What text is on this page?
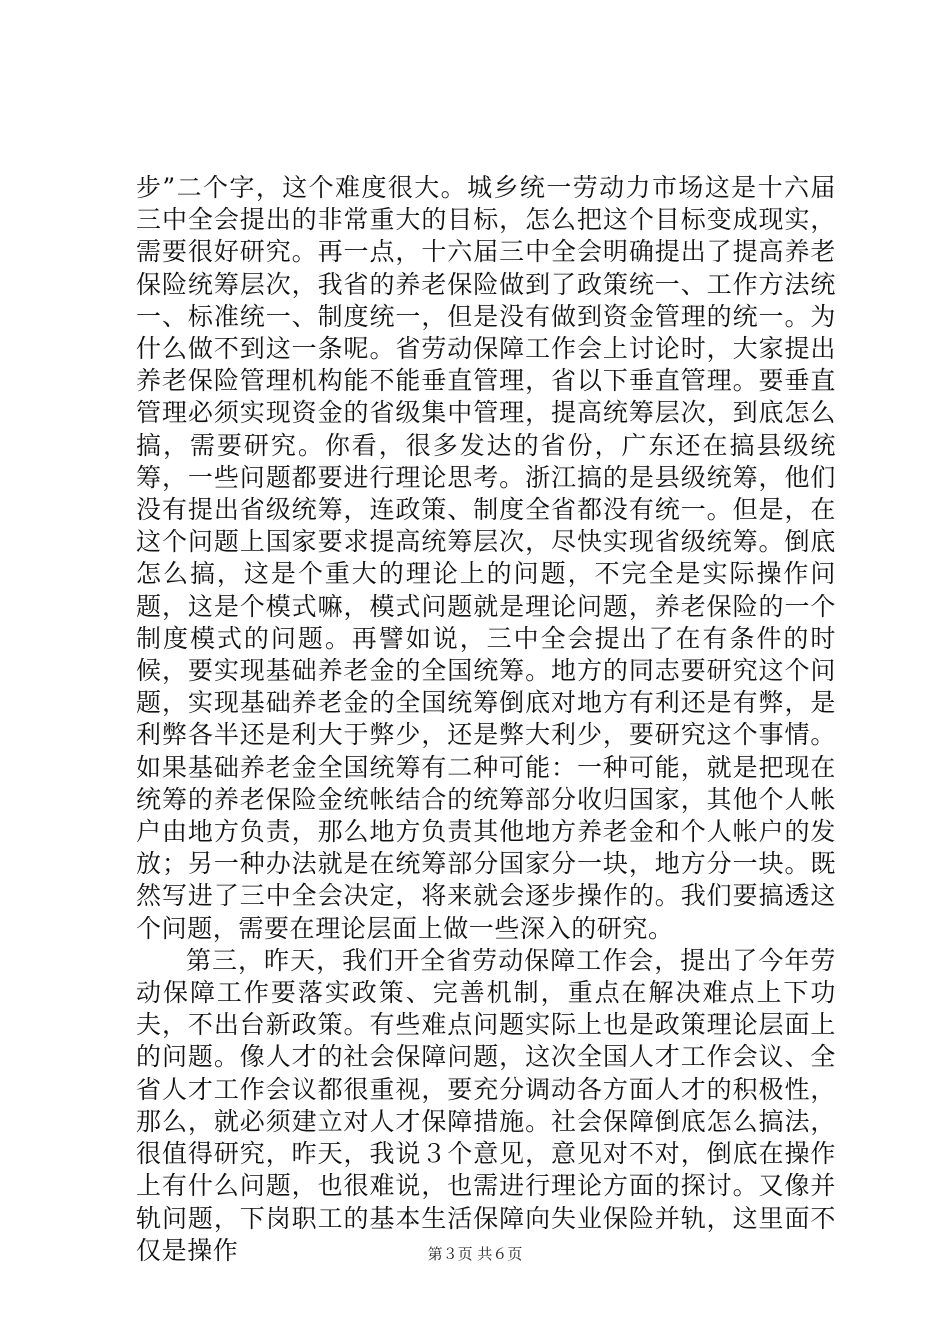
步”二个字，这个难度很大。城乡统一劳动力市场这是十六届三中全会提出的非常重大的目标，怎么把这个目标变成现实，需要很好研究。再一点，十六届三中全会明确提出了提高养老保险统筹层次，我省的养老保险做到了政策统一、工作方法统一、标准统一、制度统一，但是没有做到资金管理的统一。为什么做不到这一条呢。省劳动保障工作会上讨论时，大家提出养老保险管理机构能不能垂直管理，省以下垂直管理。要垂直管理必须实现资金的省级集中管理，提高统筹层次，到底怎么搞，需要研究。你看，很多发达的省份，广东还在搞县级统筹，一些问题都要进行理论思考。浙江搞的是县级统筹，他们没有提出省级统筹，连政策、制度全省都没有统一。但是，在这个问题上国家要求提高统筹层次，尽快实现省级统筹。倒底怎么搞，这是个重大的理论上的问题，不完全是实际操作问题，这是个模式嘛，模式问题就是理论问题，养老保险的一个制度模式的问题。再譬如说，三中全会提出了在有条件的时候，要实现基础养老金的全国统筹。地方的同志要研究这个问题，实现基础养老金的全国统筹倒底对地方有利还是有弊，是利弊各半还是利大于弊少，还是弊大利少，要研究这个事情。如果基础养老金全国统筹有二种可能：一种可能，就是把现在统筹的养老保险金统帐结合的统筹部分收归国家，其他个人帐户由地方负责，那么地方负责其他地方养老金和个人帐户的发放；另一种办法就是在统筹部分国家分一块，地方分一块。既然写进了三中全会决定，将来就会逐步操作的。我们要搞透这个问题，需要在理论层面上做一些深入的研究。

第三，昨天，我们开全省劳动保障工作会，提出了今年劳动保障工作要落实政策、完善机制，重点在解决难点上下功夫，不出台新政策。有些难点问题实际上也是政策理论层面上的问题。像人才的社会保障问题，这次全国人才工作会议、全省人才工作会议都很重视，要充分调动各方面人才的积极性，那么，就必须建立对人才保障措施。社会保障倒底怎么搞法，很值得研究，昨天，我说３个意见，意见对不对，倒底在操作上有什么问题，也很难说，也需进行理论方面的探讨。又像并轨问题，下岗职工的基本生活保障向失业保险并轨，这里面不仅是操作	第３页 共６页
